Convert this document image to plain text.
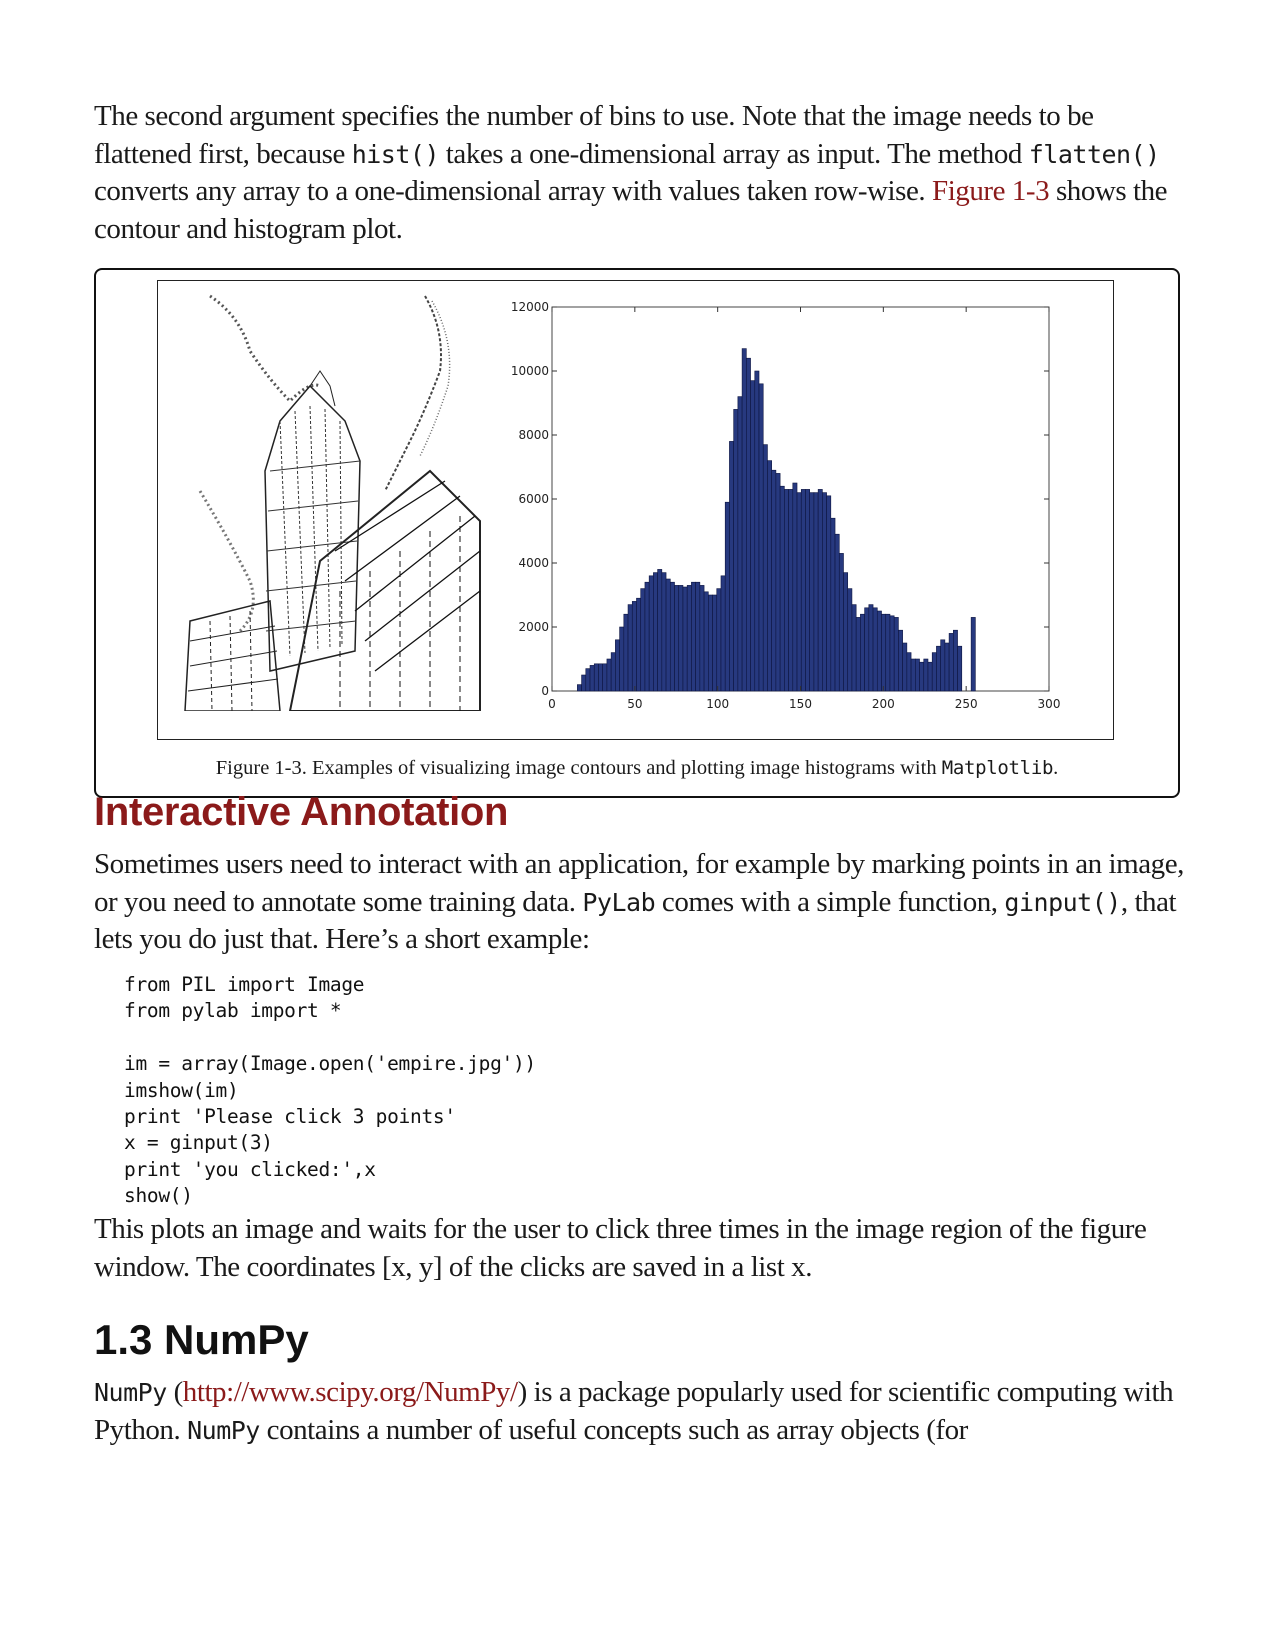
The second argument specifies the number of bins to use. Note that the image needs to be flattened first, because hist() takes a one-dimensional array as input. The method flatten() converts any array to a one-dimensional array with values taken row-wise. Figure 1-3 shows the contour and histogram plot.

0	50	100	150	200	250	300
0
2000
4000
6000
8000
10000
12000
Figure 1-3. Examples of visualizing image contours and plotting image histograms with Matplotlib.
Interactive Annotation

Sometimes users need to interact with an application, for example by marking points in an image, or you need to annotate some training data. PyLab comes with a simple function, ginput(), that lets you do just that. Here’s a short example:

from PIL import Image
from pylab import *

im = array(Image.open('empire.jpg'))
imshow(im)
print 'Please click 3 points'
x = ginput(3)
print 'you clicked:',x
show()

This plots an image and waits for the user to click three times in the image region of the figure window. The coordinates [x, y] of the clicks are saved in a list x.

1.3 NumPy

NumPy (http://www.scipy.org/NumPy/) is a package popularly used for scientific computing with Python. NumPy contains a number of useful concepts such as array objects (for
